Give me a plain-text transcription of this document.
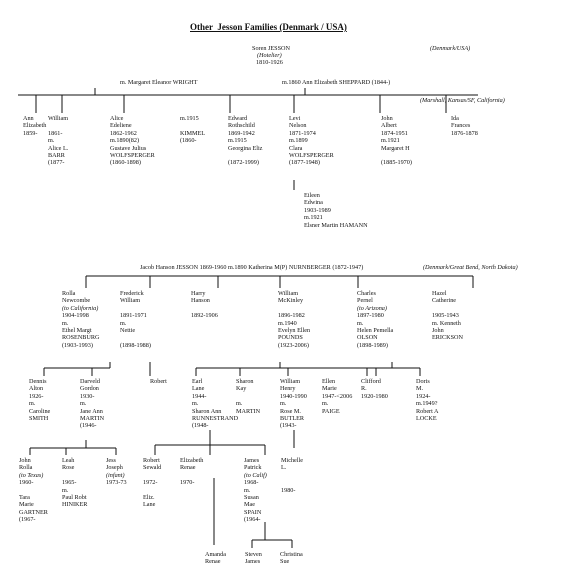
Other  Jesson Families (Denmark / USA)
Soren JESSON
(Hotelier)
1810-1926
(Denmark/USA)
m. Margaret Eleanor WRIGHT	m.1860 Ann Elizabeth SHEPPARD (1844-)
(Marshall, Kansas/SF, California)
Ann
Elizabeth
1859-
William
1861-
m.
Alice L.
BARR
(1877-
Alice
Edeliene
1862-1962
m.1890(82)
Gustave Julius
WOLFSPERGER
(1860-1898)
m.1915
KIMMEL
(1860-
Edward
Rothschild
1869-1942
m.1915
Georgina Eliz
(1872-1999)
Levi
Nelson
1871-1974
m.1899
Clara
WOLFSPERGER
(1877-1948)
John
Albert
1874-1951
m.1921
Margaret H
(1885-1970)
Ida
Frances
1876-1878
Eileen
Edwina
1903-1989
m.1921
Elsner Martin HAMANN
Rolla
Newcombe
(to California)
1904-1998
m.
Ethel Margt
ROSENBURG
(1903-1993)
Frederick
William
1891-1971
m.
Nettie
(1898-1988)
Harry
Hanson
1892-1906
William
McKinley
1896-1982
m.1940
Evelyn Ellen
POUNDS
(1923-2006)
Charles
Pernel
(to Arizona)
1897-1980
m.
Helen Pemella
OLSON
(1898-1989)
Hazel
Catherine
1905-1943
m. Kenneth
John
ERICKSON
Dennis
Alton
1926-
m.
Caroline
SMITH
Darveld
Gordon
1930-
m.
Jane Ann
MARTIN
(1946-
Robert	Earl
Lane
1944-
m.
Sharon Ann
RUNNESTRAND
(1948-
Sharon
Kay
m.
MARTIN
William
Henry
1940-1990
m.
Rose M.
BUTLER
(1943-
Ellen
Marie
1947-<2006
m.
PAIGE
Clifford
R.
1920-1980
Doris
M.
1924-
m.1949?
Robert A
LOCKE
John
Rolla
(to Texas)
1960-
Tara
Marie
GARTNER
(1967-
Leah
Rose
1965-
m.
Paul Robt
HINIKER
Jess
Joseph
(infant)
1973-73
Robert
Sewald
1972-
Eliz.
Lane
Elizabeth
Renae
1970-
James
Patrick
(to Calif)
1968-
m.
Susan
Mae
SPAIN
(1964-
Michelle
L.
1980-
Amanda
Renae
Steven
James
Christina
Sue
Jacob Hanson JESSON 1869-1960 m.1890 Katherina M(P) NURNBERGER (1872-1947)	(Denmark/Great Bend, North Dakota)
